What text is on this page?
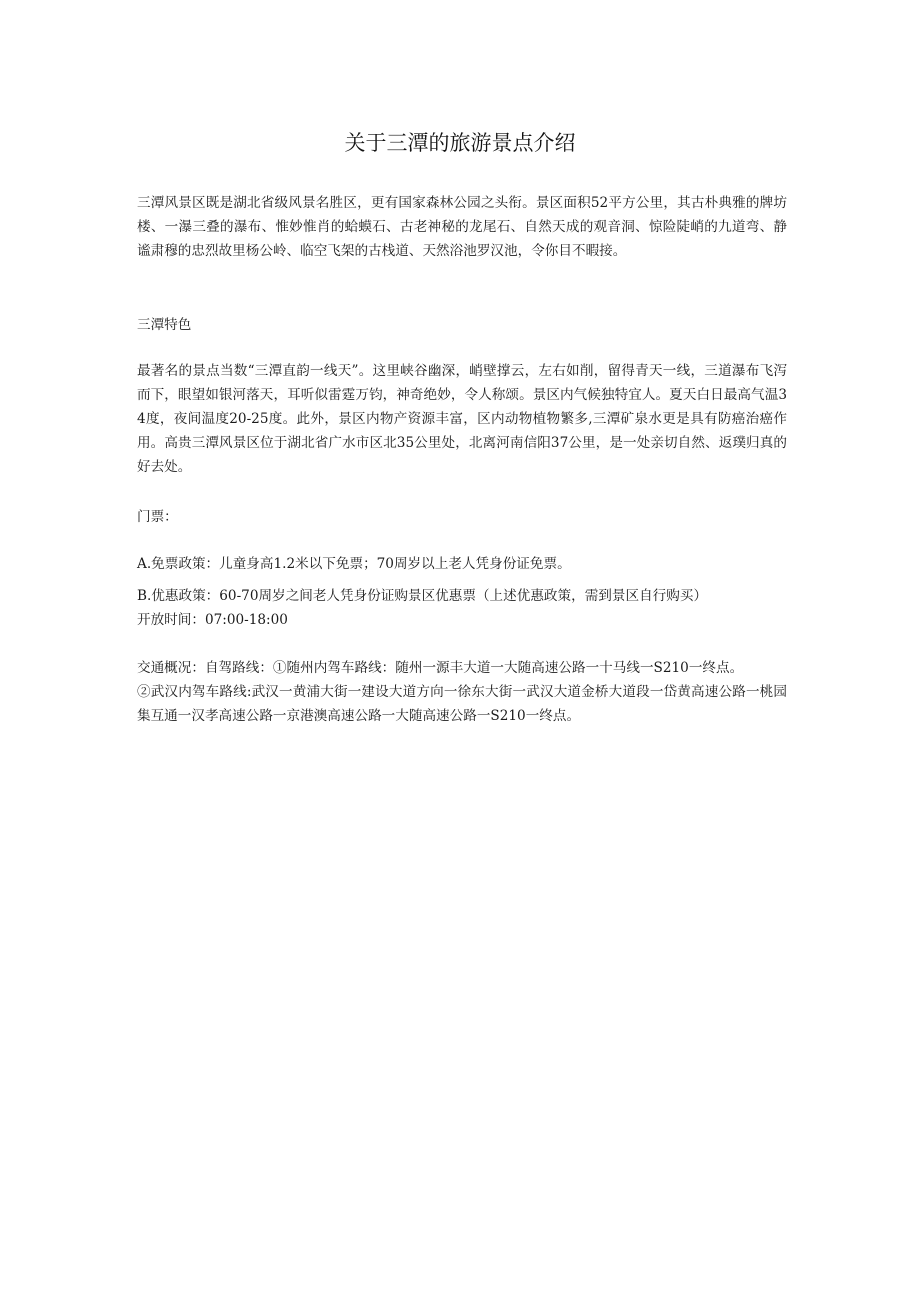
关于三潭的旅游景点介绍

三潭风景区既是湖北省级风景名胜区，更有国家森林公园之头衔。景区面积52平方公里，其古朴典雅的牌坊楼、一瀑三叠的瀑布、惟妙惟肖的蛤蟆石、古老神秘的龙尾石、自然天成的观音洞、惊险陡峭的九道弯、静谧肃穆的忠烈故里杨公岭、临空飞架的古栈道、天然浴池罗汉池，令你目不暇接。

三潭特色

最著名的景点当数“三潭直韵一线天”。这里峡谷幽深，峭壁撑云，左右如削，留得青天一线，三道瀑布飞泻而下，眼望如银河落天，耳听似雷霆万钧，神奇绝妙，令人称颂。景区内气候独特宜人。夏天白日最高气温34度，夜间温度20-25度。此外，景区内物产资源丰富，区内动物植物繁多,三潭矿泉水更是具有防癌治癌作用。高贵三潭风景区位于湖北省广水市区北35公里处，北离河南信阳37公里，是一处亲切自然、返璞归真的好去处。

门票：

A.免票政策：儿童身高1.2米以下免票；70周岁以上老人凭身份证免票。

B.优惠政策：60-70周岁之间老人凭身份证购景区优惠票（上述优惠政策，需到景区自行购买）
开放时间：07:00-18:00
交通概况：自驾路线：①随州内驾车路线：随州一源丰大道一大随高速公路一十马线一S210一终点。
②武汉内驾车路线:武汉一黄浦大街一建设大道方向一徐东大街一武汉大道金桥大道段一岱黄高速公路一桃园集互通一汉孝高速公路一京港澳高速公路一大随高速公路一S210一终点。
